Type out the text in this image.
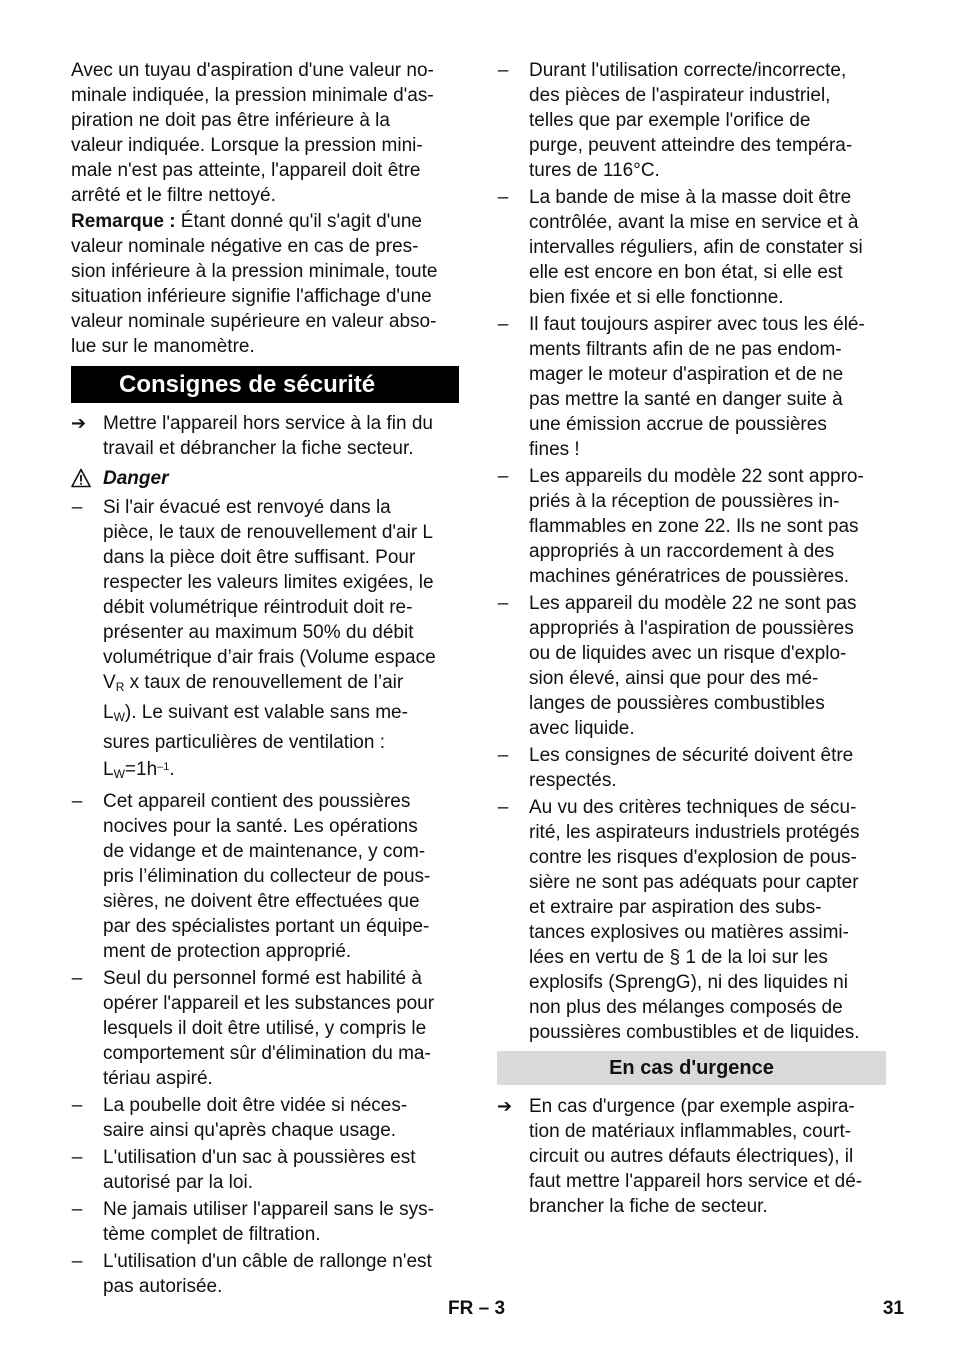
Avec un tuyau d'aspiration d'une valeur no-

minale indiquée, la pression minimale d'as-

piration ne doit pas être inférieure à la

valeur indiquée. Lorsque la pression mini-

male n'est pas atteinte, l'appareil doit être

arrêté et le filtre nettoyé.

Remarque : Étant donné qu'il s'agit d'une

valeur nominale négative en cas de pres-

sion inférieure à la pression minimale, toute

situation inférieure signifie l'affichage d'une

valeur nominale supérieure en valeur abso-

lue sur le manomètre.

Consignes de sécurité
➔ Mettre l'appareil hors service à la fin du

travail et débrancher la fiche secteur.

Danger
– Si l'air évacué est renvoyé dans la

pièce, le taux de renouvellement d'air L

dans la pièce doit être suffisant. Pour

respecter les valeurs limites exigées, le

débit volumétrique réintroduit doit re-

présenter au maximum 50% du débit

volumétrique d’air frais (Volume espace

$V_R$ x taux de renouvellement de l’air

$L_W$). Le suivant est valable sans me-

sures particulières de ventilation :

$L_W=1h^{-1}$.

– Cet appareil contient des poussières

nocives pour la santé. Les opérations

de vidange et de maintenance, y com-

pris l’élimination du collecteur de pous-

sières, ne doivent être effectuées que

par des spécialistes portant un équipe-

ment de protection approprié.

– Seul du personnel formé est habilité à

opérer l'appareil et les substances pour

lesquels il doit être utilisé, y compris le

comportement sûr d'élimination du ma-

tériau aspiré.

– La poubelle doit être vidée si néces-

saire ainsi qu'après chaque usage.

– L'utilisation d'un sac à poussières est

autorisé par la loi.

– Ne jamais utiliser l'appareil sans le sys-

tème complet de filtration.

– L'utilisation d'un câble de rallonge n'est

pas autorisée.

– Durant l'utilisation correcte/incorrecte,

des pièces de l'aspirateur industriel,

telles que par exemple l'orifice de

purge, peuvent atteindre des tempéra-

tures de 116°C.

– La bande de mise à la masse doit être

contrôlée, avant la mise en service et à

intervalles réguliers, afin de constater si

elle est encore en bon état, si elle est

bien fixée et si elle fonctionne.

– Il faut toujours aspirer avec tous les élé-

ments filtrants afin de ne pas endom-

mager le moteur d'aspiration et de ne

pas mettre la santé en danger suite à

une émission accrue de poussières

fines !

– Les appareils du modèle 22 sont appro-

priés à la réception de poussières in-

flammables en zone 22. Ils ne sont pas

appropriés à un raccordement à des

machines génératrices de poussières.

– Les appareil du modèle 22 ne sont pas

appropriés à l'aspiration de poussières

ou de liquides avec un risque d'explo-

sion élevé, ainsi que pour des mé-

langes de poussières combustibles

avec liquide.

– Les consignes de sécurité doivent être

respectés.

– Au vu des critères techniques de sécu-

rité, les aspirateurs industriels protégés

contre les risques d'explosion de pous-

sière ne sont pas adéquats pour capter

et extraire par aspiration des subs-

tances explosives ou matières assimi-

lées en vertu de § 1 de la loi sur les

explosifs (SprengG), ni des liquides ni

non plus des mélanges composés de

poussières combustibles et de liquides.

En cas d'urgence
➔ En cas d'urgence (par exemple aspira-

tion de matériaux inflammables, court-

circuit ou autres défauts électriques), il

faut mettre l'appareil hors service et dé-

brancher la fiche de secteur.

FR – 3	31
